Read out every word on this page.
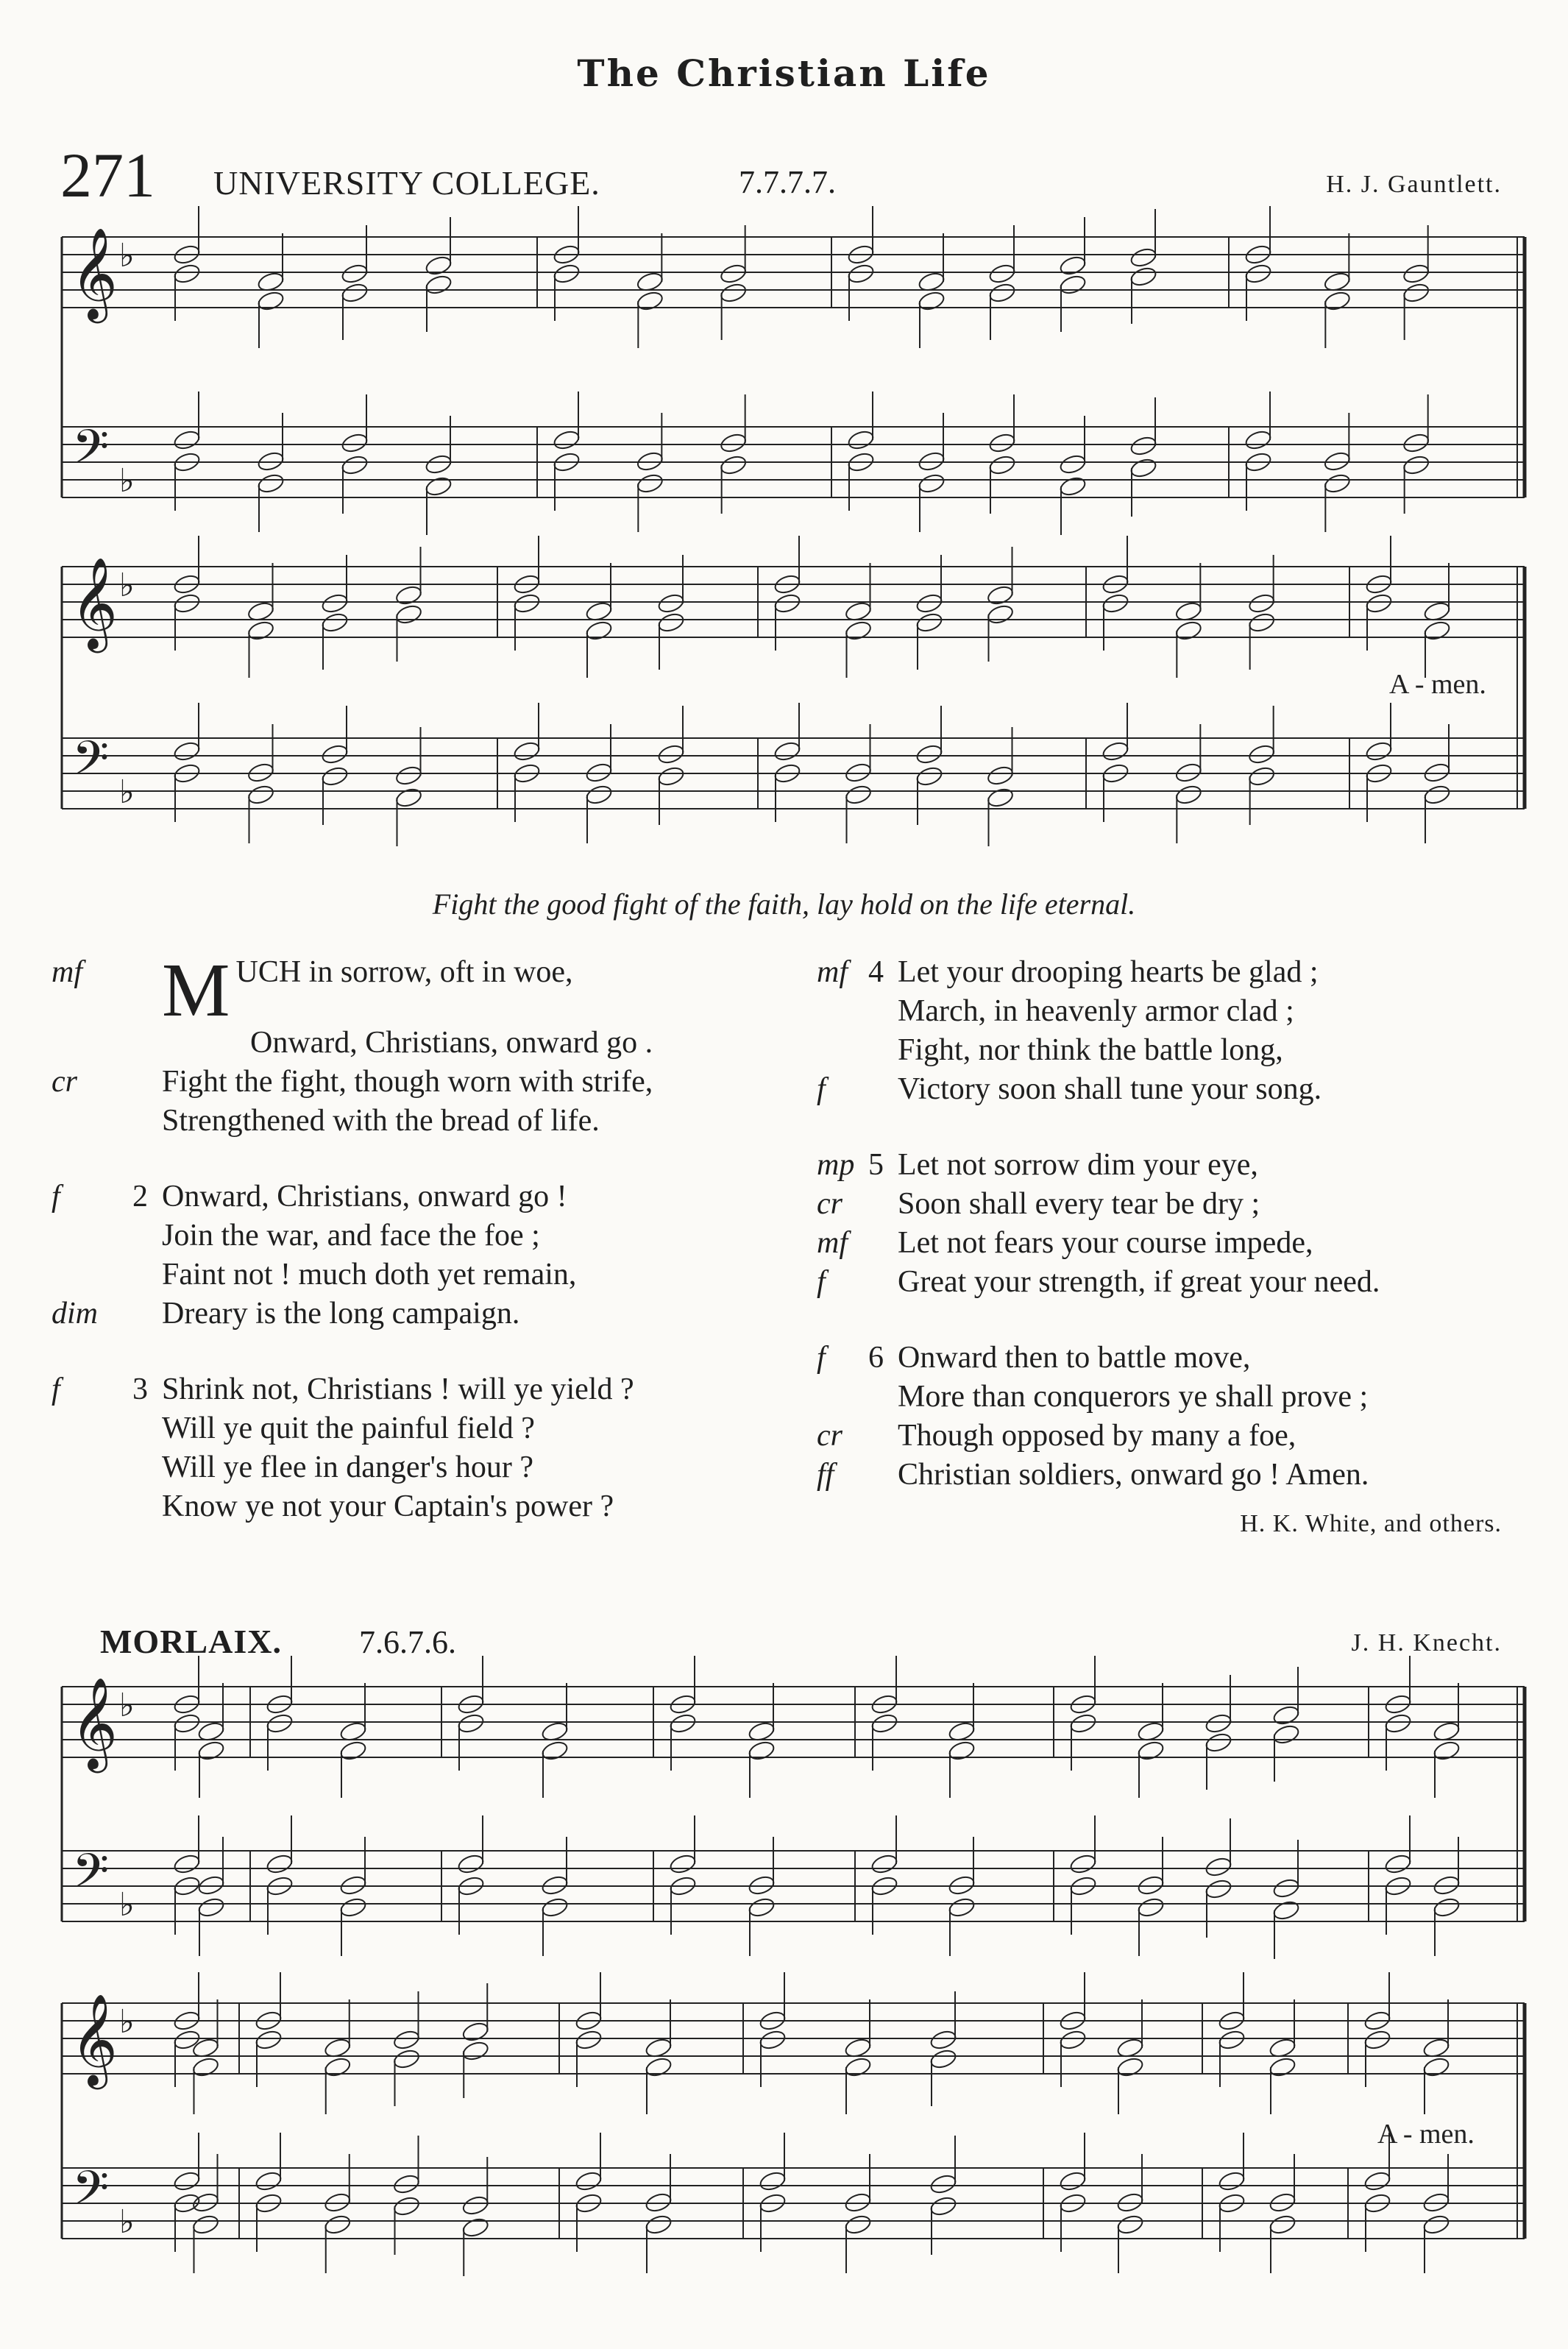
The Christian Life
271 UNIVERSITY COLLEGE.	7.7.7.7.	H. J. Gauntlett.
𝄞
𝄢
♭
♭
𝄞
𝄢
♭
♭
𝄞
𝄢
♭
♭
𝄞
𝄢
♭
♭
A - men.
A - men.
Fight the good fight of the faith, lay hold on the life eternal.
mf	M UCH in sorrow, oft in woe,
Onward, Christians, onward go .
cr	Fight the fight, though worn with strife,
Strengthened with the bread of life.
f	2 Onward, Christians, onward go !
Join the war, and face the foe ;
Faint not ! much doth yet remain,
dim	Dreary is the long campaign.
f	3 Shrink not, Christians ! will ye yield ?
Will ye quit the painful field ?
Will ye flee in danger's hour ?
Know ye not your Captain's power ?
mf 4 Let your drooping hearts be glad ;
March, in heavenly armor clad ;
Fight, nor think the battle long,
f	Victory soon shall tune your song.
mp 5 Let not sorrow dim your eye,
cr	Soon shall every tear be dry ;
mf	Let not fears your course impede,
f	Great your strength, if great your need.
f	6 Onward then to battle move,
More than conquerors ye shall prove ;
cr	Though opposed by many a foe,
ff	Christian soldiers, onward go ! Amen.
H. K. White, and others.
MORLAIX. 7.6.7.6.	J. H. Knecht.
